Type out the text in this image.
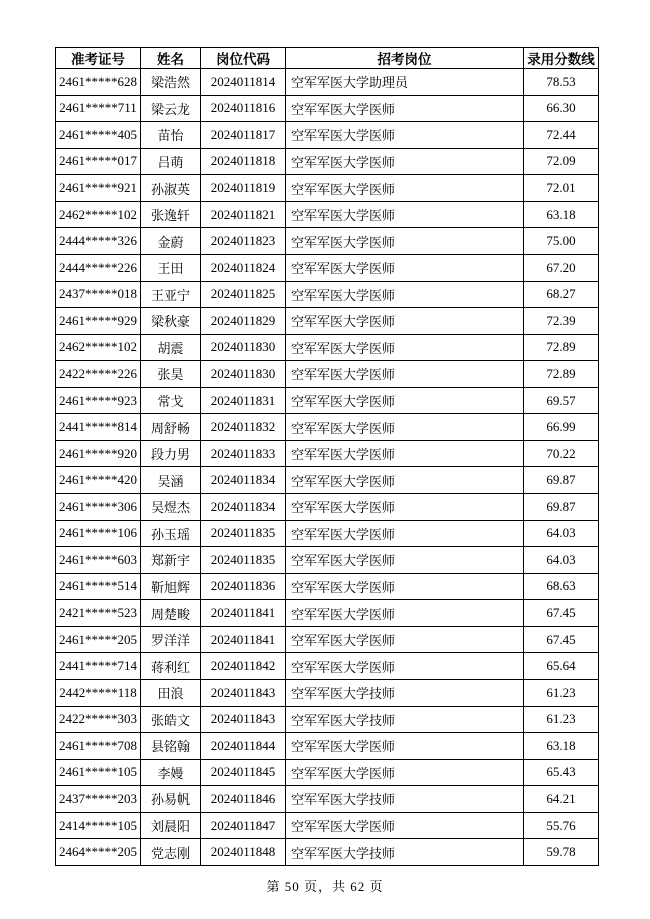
准考证号	姓名	岗位代码	招考岗位	录用分数线
2461*****628	梁浩然	2024011814	空军军医大学助理员	78.53
2461*****711	梁云龙	2024011816	空军军医大学医师	66.30
2461*****405	苗怡	2024011817	空军军医大学医师	72.44
2461*****017	吕萌	2024011818	空军军医大学医师	72.09
2461*****921	孙淑英	2024011819	空军军医大学医师	72.01
2462*****102	张逸轩	2024011821	空军军医大学医师	63.18
2444*****326	金蔚	2024011823	空军军医大学医师	75.00
2444*****226	王田	2024011824	空军军医大学医师	67.20
2437*****018	王亚宁	2024011825	空军军医大学医师	68.27
2461*****929	梁秋豪	2024011829	空军军医大学医师	72.39
2462*****102	胡震	2024011830	空军军医大学医师	72.89
2422*****226	张昊	2024011830	空军军医大学医师	72.89
2461*****923	常戈	2024011831	空军军医大学医师	69.57
2441*****814	周舒畅	2024011832	空军军医大学医师	66.99
2461*****920	段力男	2024011833	空军军医大学医师	70.22
2461*****420	吴涵	2024011834	空军军医大学医师	69.87
2461*****306	吴煜杰	2024011834	空军军医大学医师	69.87
2461*****106	孙玉瑶	2024011835	空军军医大学医师	64.03
2461*****603	郑新宇	2024011835	空军军医大学医师	64.03
2461*****514	靳旭辉	2024011836	空军军医大学医师	68.63
2421*****523	周楚畯	2024011841	空军军医大学医师	67.45
2461*****205	罗洋洋	2024011841	空军军医大学医师	67.45
2441*****714	蒋利红	2024011842	空军军医大学医师	65.64
2442*****118	田浪	2024011843	空军军医大学技师	61.23
2422*****303	张皓文	2024011843	空军军医大学技师	61.23
2461*****708	县铭翰	2024011844	空军军医大学医师	63.18
2461*****105	李嫚	2024011845	空军军医大学医师	65.43
2437*****203	孙易帆	2024011846	空军军医大学技师	64.21
2414*****105	刘晨阳	2024011847	空军军医大学医师	55.76
2464*****205	党志刚	2024011848	空军军医大学技师	59.78
第 50 页，共 62 页
